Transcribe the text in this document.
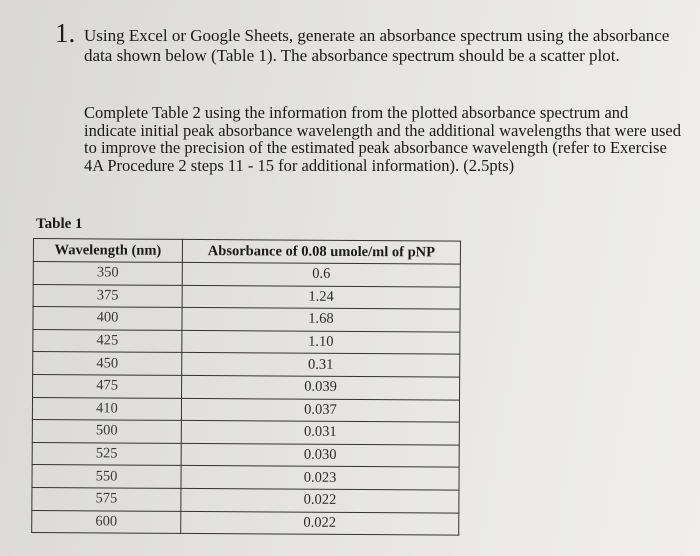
1. Using Excel or Google Sheets, generate an absorbance spectrum using the absorbance data shown below (Table 1). The absorbance spectrum should be a scatter plot.
Complete Table 2 using the information from the plotted absorbance spectrum and indicate initial peak absorbance wavelength and the additional wavelengths that were used to improve the precision of the estimated peak absorbance wavelength (refer to Exercise 4A Procedure 2 steps 11 - 15 for additional information). (2.5pts)
Table 1
Wavelength (nm)	Absorbance of 0.08 umole/ml of pNP
350	0.6
375	1.24
400	1.68
425	1.10
450	0.31
475	0.039
410	0.037
500	0.031
525	0.030
550	0.023
575	0.022
600	0.022
